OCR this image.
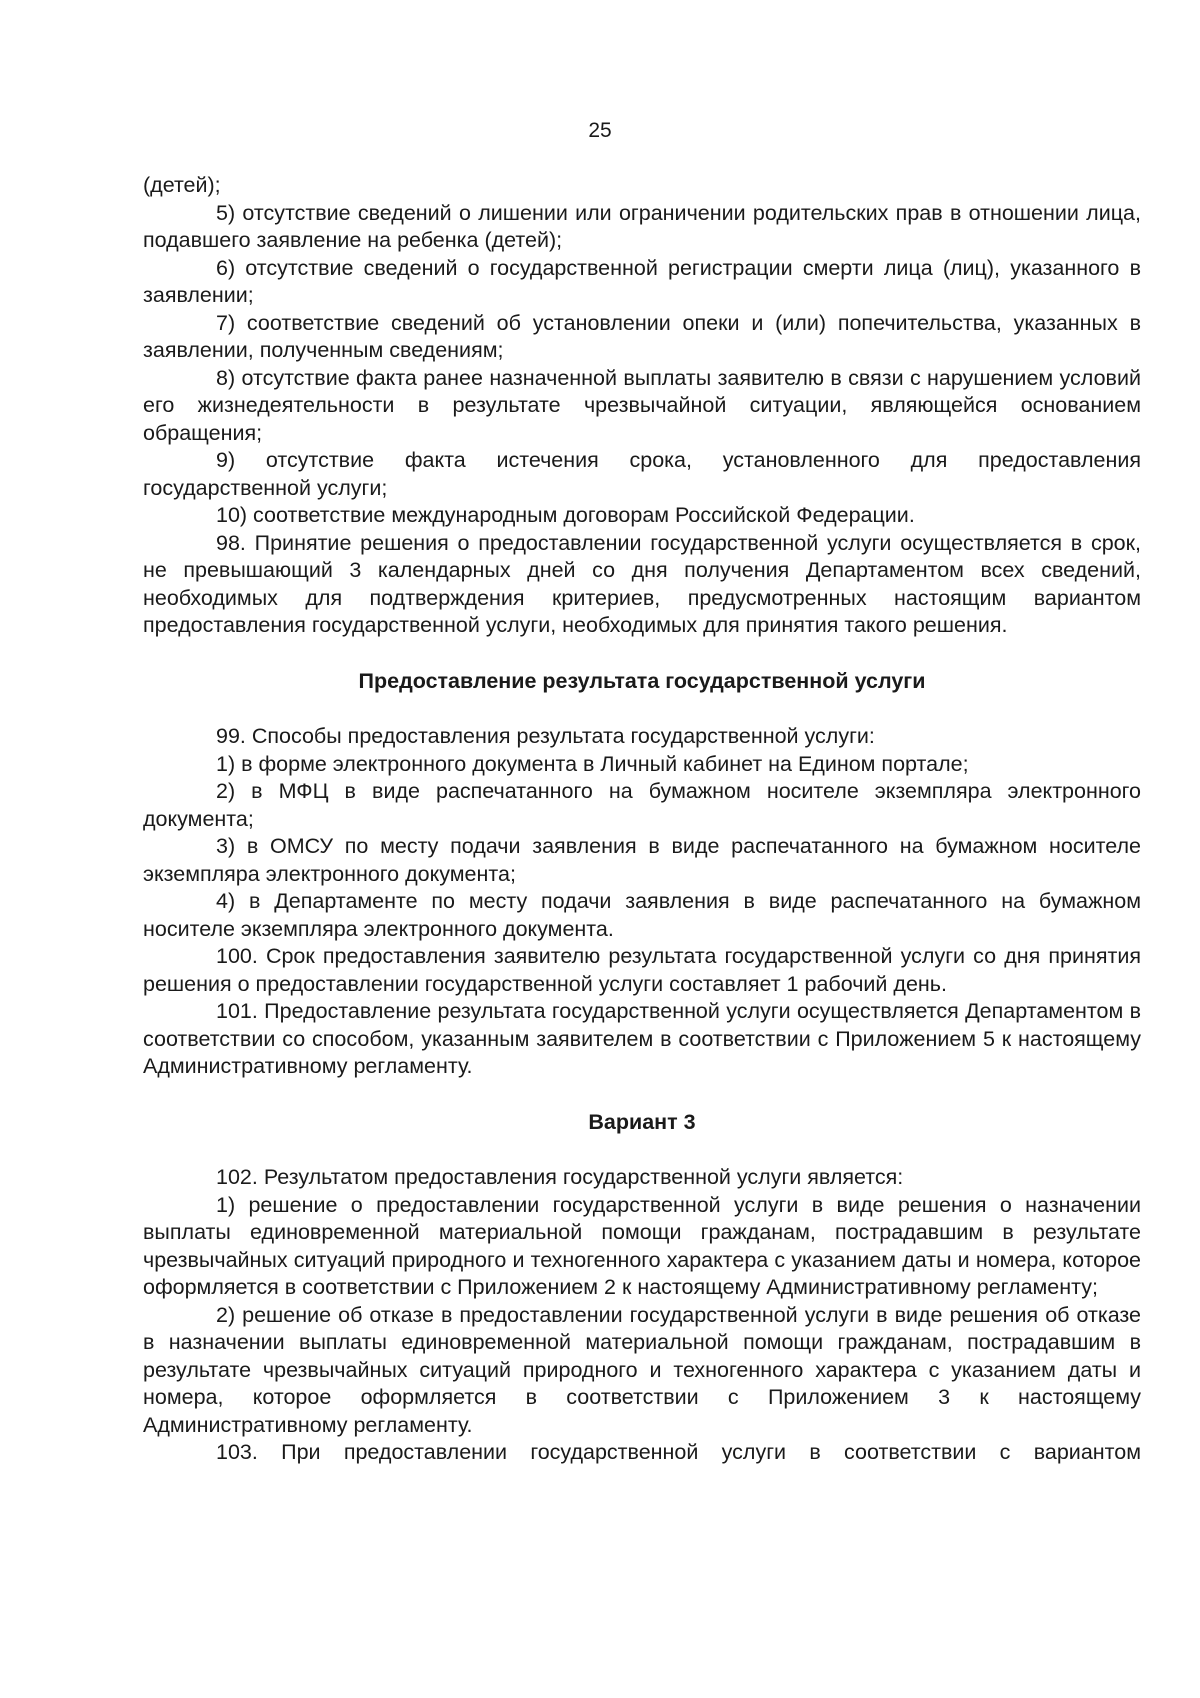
25

(детей);

5) отсутствие сведений о лишении или ограничении родительских прав в отношении лица, подавшего заявление на ребенка (детей);

6) отсутствие сведений о государственной регистрации смерти лица (лиц), указанного в заявлении;

7) соответствие сведений об установлении опеки и (или) попечительства, указанных в заявлении, полученным сведениям;

8) отсутствие факта ранее назначенной выплаты заявителю в связи с нарушением условий его жизнедеятельности в результате чрезвычайной ситуации, являющейся основанием обращения;

9) отсутствие факта истечения срока, установленного для предоставления государственной услуги;

10) соответствие международным договорам Российской Федерации.

98. Принятие решения о предоставлении государственной услуги осуществляется в срок, не превышающий 3 календарных дней со дня получения Департаментом всех сведений, необходимых для подтверждения критериев, предусмотренных настоящим вариантом предоставления государственной услуги, необходимых для принятия такого решения.

Предоставление результата государственной услуги

99. Способы предоставления результата государственной услуги:

1) в форме электронного документа в Личный кабинет на Едином портале;

2) в МФЦ в виде распечатанного на бумажном носителе экземпляра электронного документа;

3) в ОМСУ по месту подачи заявления в виде распечатанного на бумажном носителе экземпляра электронного документа;

4) в Департаменте по месту подачи заявления в виде распечатанного на бумажном носителе экземпляра электронного документа.

100. Срок предоставления заявителю результата государственной услуги со дня принятия решения о предоставлении государственной услуги составляет 1 рабочий день.

101. Предоставление результата государственной услуги осуществляется Департаментом в соответствии со способом, указанным заявителем в соответствии с Приложением 5 к настоящему Административному регламенту.

Вариант 3

102. Результатом предоставления государственной услуги является:

1) решение о предоставлении государственной услуги в виде решения о назначении выплаты единовременной материальной помощи гражданам, пострадавшим в результате чрезвычайных ситуаций природного и техногенного характера с указанием даты и номера, которое оформляется в соответствии с Приложением 2 к настоящему Административному регламенту;

2) решение об отказе в предоставлении государственной услуги в виде решения об отказе в назначении выплаты единовременной материальной помощи гражданам, пострадавшим в результате чрезвычайных ситуаций природного и техногенного характера с указанием даты и номера, которое оформляется в соответствии с Приложением 3 к настоящему Административному регламенту.

103. При предоставлении государственной услуги в соответствии с вариантом
